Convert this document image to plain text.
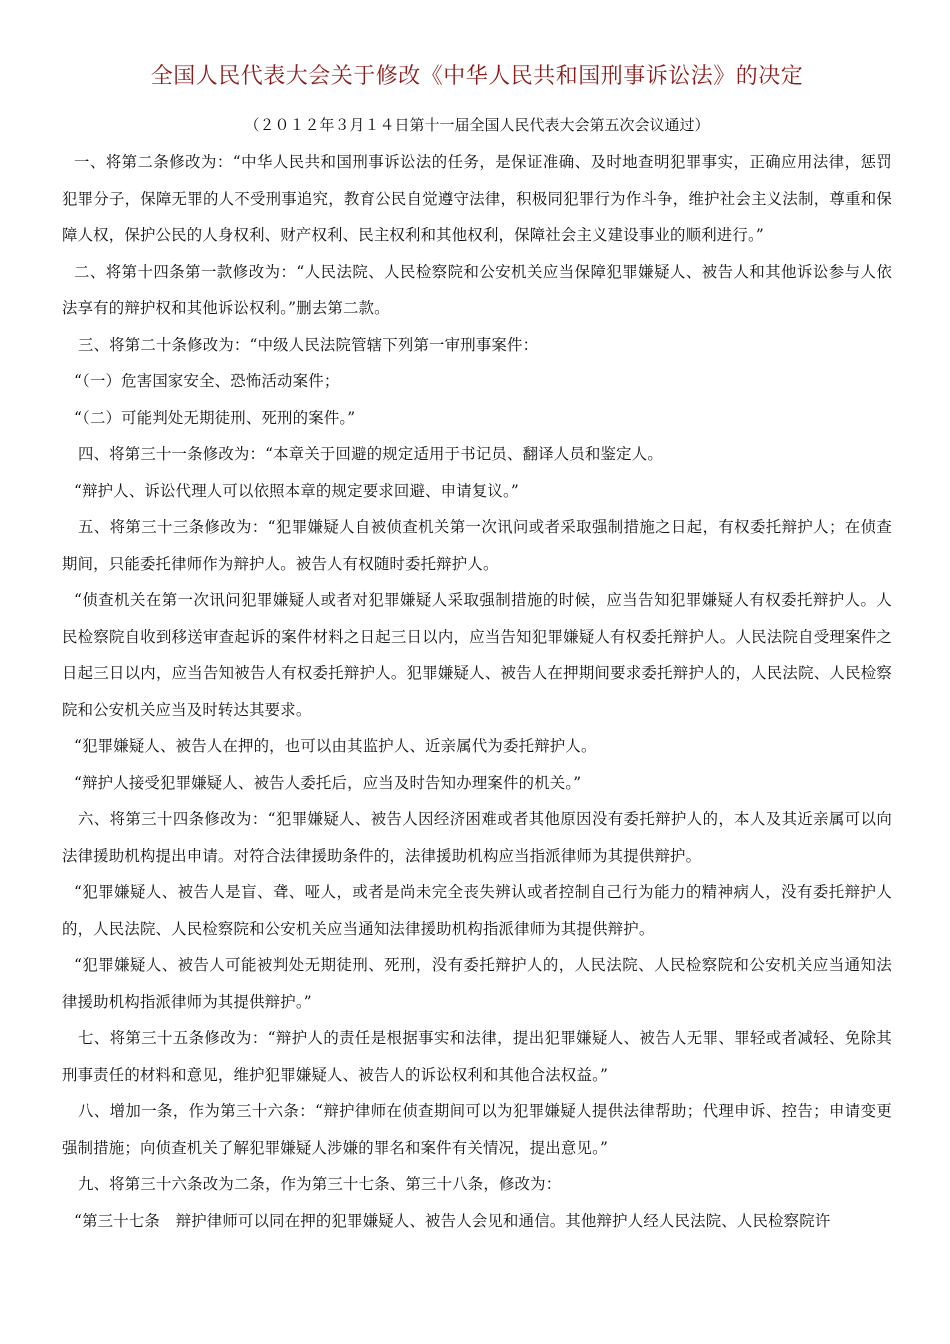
全国人民代表大会关于修改《中华人民共和国刑事诉讼法》的决定
（２０１２年３月１４日第十一届全国人民代表大会第五次会议通过）

一、将第二条修改为：“中华人民共和国刑事诉讼法的任务，是保证准确、及时地查明犯罪事实，正确应用法律，惩罚犯罪分子，保障无罪的人不受刑事追究，教育公民自觉遵守法律，积极同犯罪行为作斗争，维护社会主义法制，尊重和保障人权，保护公民的人身权利、财产权利、民主权利和其他权利，保障社会主义建设事业的顺利进行。”

二、将第十四条第一款修改为：“人民法院、人民检察院和公安机关应当保障犯罪嫌疑人、被告人和其他诉讼参与人依法享有的辩护权和其他诉讼权利。”删去第二款。

三、将第二十条修改为：“中级人民法院管辖下列第一审刑事案件：

“（一）危害国家安全、恐怖活动案件；

“（二）可能判处无期徒刑、死刑的案件。”

四、将第三十一条修改为：“本章关于回避的规定适用于书记员、翻译人员和鉴定人。

“辩护人、诉讼代理人可以依照本章的规定要求回避、申请复议。”

五、将第三十三条修改为：“犯罪嫌疑人自被侦查机关第一次讯问或者采取强制措施之日起，有权委托辩护人；在侦查期间，只能委托律师作为辩护人。被告人有权随时委托辩护人。

“侦查机关在第一次讯问犯罪嫌疑人或者对犯罪嫌疑人采取强制措施的时候，应当告知犯罪嫌疑人有权委托辩护人。人民检察院自收到移送审查起诉的案件材料之日起三日以内，应当告知犯罪嫌疑人有权委托辩护人。人民法院自受理案件之日起三日以内，应当告知被告人有权委托辩护人。犯罪嫌疑人、被告人在押期间要求委托辩护人的，人民法院、人民检察院和公安机关应当及时转达其要求。

“犯罪嫌疑人、被告人在押的，也可以由其监护人、近亲属代为委托辩护人。

“辩护人接受犯罪嫌疑人、被告人委托后，应当及时告知办理案件的机关。”

六、将第三十四条修改为：“犯罪嫌疑人、被告人因经济困难或者其他原因没有委托辩护人的，本人及其近亲属可以向法律援助机构提出申请。对符合法律援助条件的，法律援助机构应当指派律师为其提供辩护。

“犯罪嫌疑人、被告人是盲、聋、哑人，或者是尚未完全丧失辨认或者控制自己行为能力的精神病人，没有委托辩护人的，人民法院、人民检察院和公安机关应当通知法律援助机构指派律师为其提供辩护。

“犯罪嫌疑人、被告人可能被判处无期徒刑、死刑，没有委托辩护人的，人民法院、人民检察院和公安机关应当通知法律援助机构指派律师为其提供辩护。”

七、将第三十五条修改为：“辩护人的责任是根据事实和法律，提出犯罪嫌疑人、被告人无罪、罪轻或者减轻、免除其刑事责任的材料和意见，维护犯罪嫌疑人、被告人的诉讼权利和其他合法权益。”

八、增加一条，作为第三十六条：“辩护律师在侦查期间可以为犯罪嫌疑人提供法律帮助；代理申诉、控告；申请变更强制措施；向侦查机关了解犯罪嫌疑人涉嫌的罪名和案件有关情况，提出意见。”

九、将第三十六条改为二条，作为第三十七条、第三十八条，修改为：

“第三十七条　辩护律师可以同在押的犯罪嫌疑人、被告人会见和通信。其他辩护人经人民法院、人民检察院许
